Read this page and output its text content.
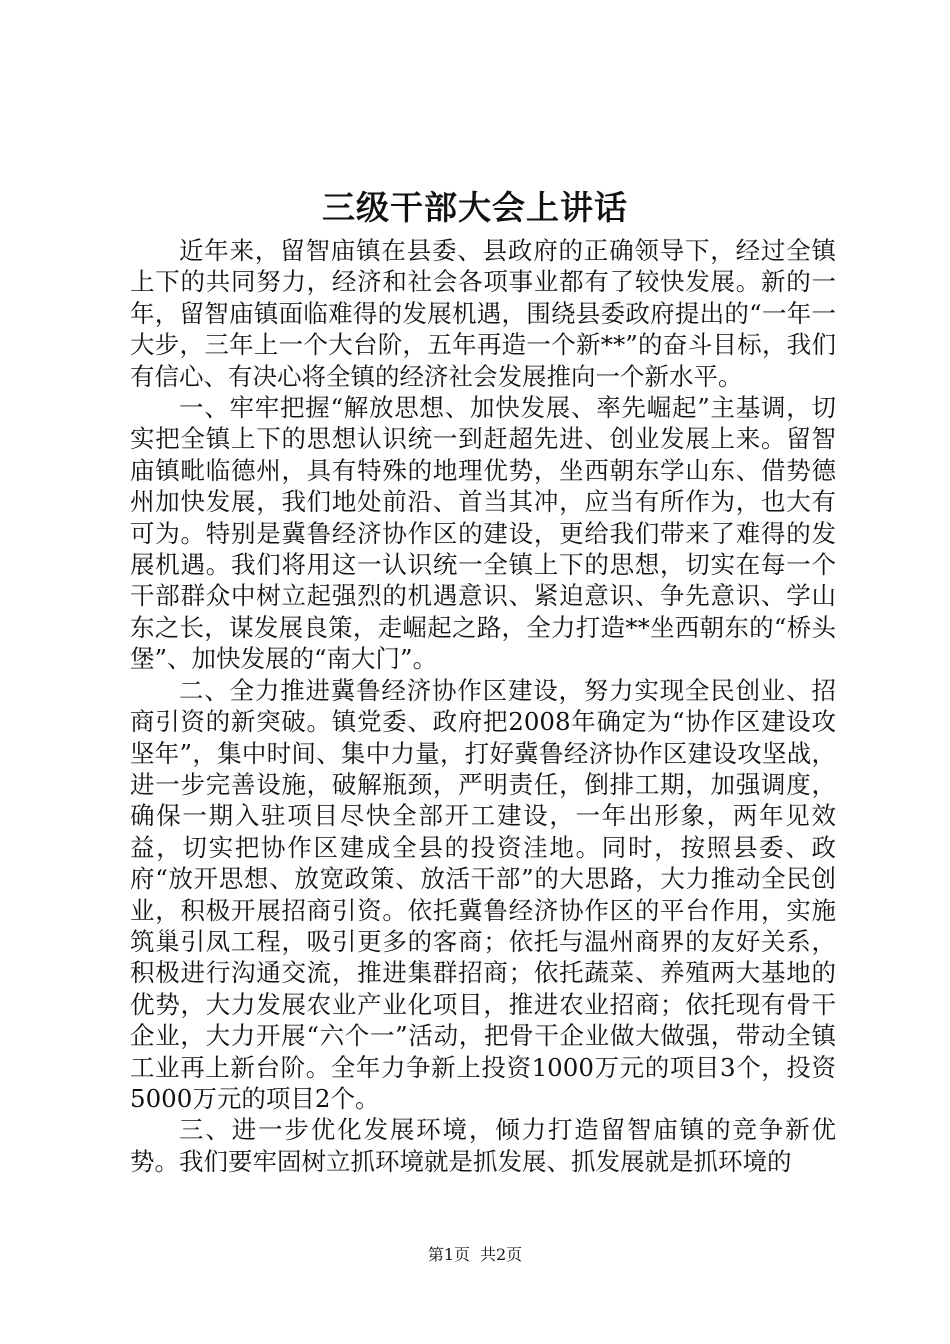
三级干部大会上讲话

近年来，留智庙镇在县委、县政府的正确领导下，经过全镇上下的共同努力，经济和社会各项事业都有了较快发展。新的一年，留智庙镇面临难得的发展机遇，围绕县委政府提出的“一年一大步，三年上一个大台阶，五年再造一个新**”的奋斗目标，我们有信心、有决心将全镇的经济社会发展推向一个新水平。

一、牢牢把握“解放思想、加快发展、率先崛起”主基调，切实把全镇上下的思想认识统一到赶超先进、创业发展上来。留智庙镇毗临德州，具有特殊的地理优势，坐西朝东学山东、借势德州加快发展，我们地处前沿、首当其冲，应当有所作为，也大有可为。特别是冀鲁经济协作区的建设，更给我们带来了难得的发展机遇。我们将用这一认识统一全镇上下的思想，切实在每一个干部群众中树立起强烈的机遇意识、紧迫意识、争先意识、学山东之长，谋发展良策，走崛起之路，全力打造**坐西朝东的“桥头堡”、加快发展的“南大门”。

二、全力推进冀鲁经济协作区建设，努力实现全民创业、招商引资的新突破。镇党委、政府把2008年确定为“协作区建设攻坚年”，集中时间、集中力量，打好冀鲁经济协作区建设攻坚战，进一步完善设施，破解瓶颈，严明责任，倒排工期，加强调度，确保一期入驻项目尽快全部开工建设，一年出形象，两年见效益，切实把协作区建成全县的投资洼地。同时，按照县委、政府“放开思想、放宽政策、放活干部”的大思路，大力推动全民创业，积极开展招商引资。依托冀鲁经济协作区的平台作用，实施筑巢引凤工程，吸引更多的客商；依托与温州商界的友好关系，积极进行沟通交流，推进集群招商；依托蔬菜、养殖两大基地的优势，大力发展农业产业化项目，推进农业招商；依托现有骨干企业，大力开展“六个一”活动，把骨干企业做大做强，带动全镇工业再上新台阶。全年力争新上投资1000万元的项目3个，投资5000万元的项目2个。

三、进一步优化发展环境，倾力打造留智庙镇的竞争新优势。我们要牢固树立抓环境就是抓发展、抓发展就是抓环境的

第1页 共2页
